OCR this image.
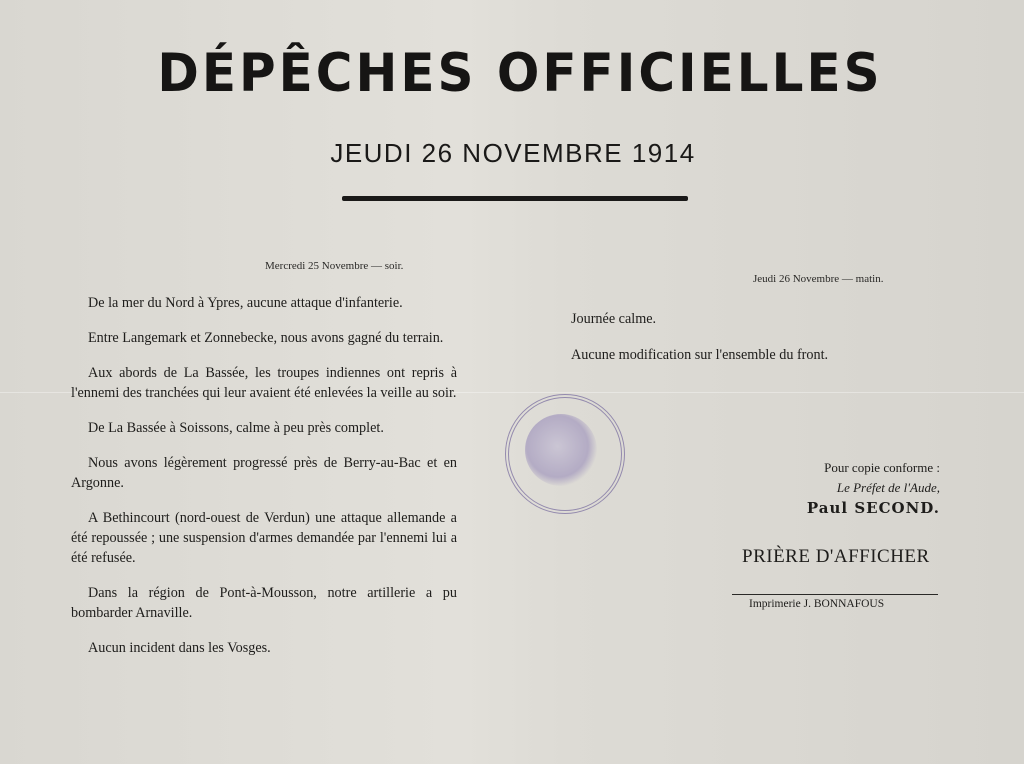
DÉPÊCHES OFFICIELLES
JEUDI 26 NOVEMBRE 1914
Mercredi 25 Novembre — soir.

De la mer du Nord à Ypres, aucune attaque d'infanterie.

Entre Langemark et Zonnebecke, nous avons gagné du terrain.

Aux abords de La Bassée, les troupes indiennes ont repris à l'ennemi des tranchées qui leur avaient été enlevées la veille au soir.

De La Bassée à Soissons, calme à peu près complet.

Nous avons légèrement progressé près de Berry-au-Bac et en Argonne.

A Bethincourt (nord-ouest de Verdun) une attaque allemande a été repoussée ; une suspension d'armes demandée par l'ennemi lui a été refusée.

Dans la région de Pont-à-Mousson, notre artillerie a pu bombarder Arnaville.

Aucun incident dans les Vosges.

Jeudi 26 Novembre — matin.
Journée calme.
Aucune modification sur l'ensemble du front.
Pour copie conforme :
Le Préfet de l'Aude,
Paul SECOND.
PRIÈRE D'AFFICHER
Imprimerie J. BONNAFOUS
